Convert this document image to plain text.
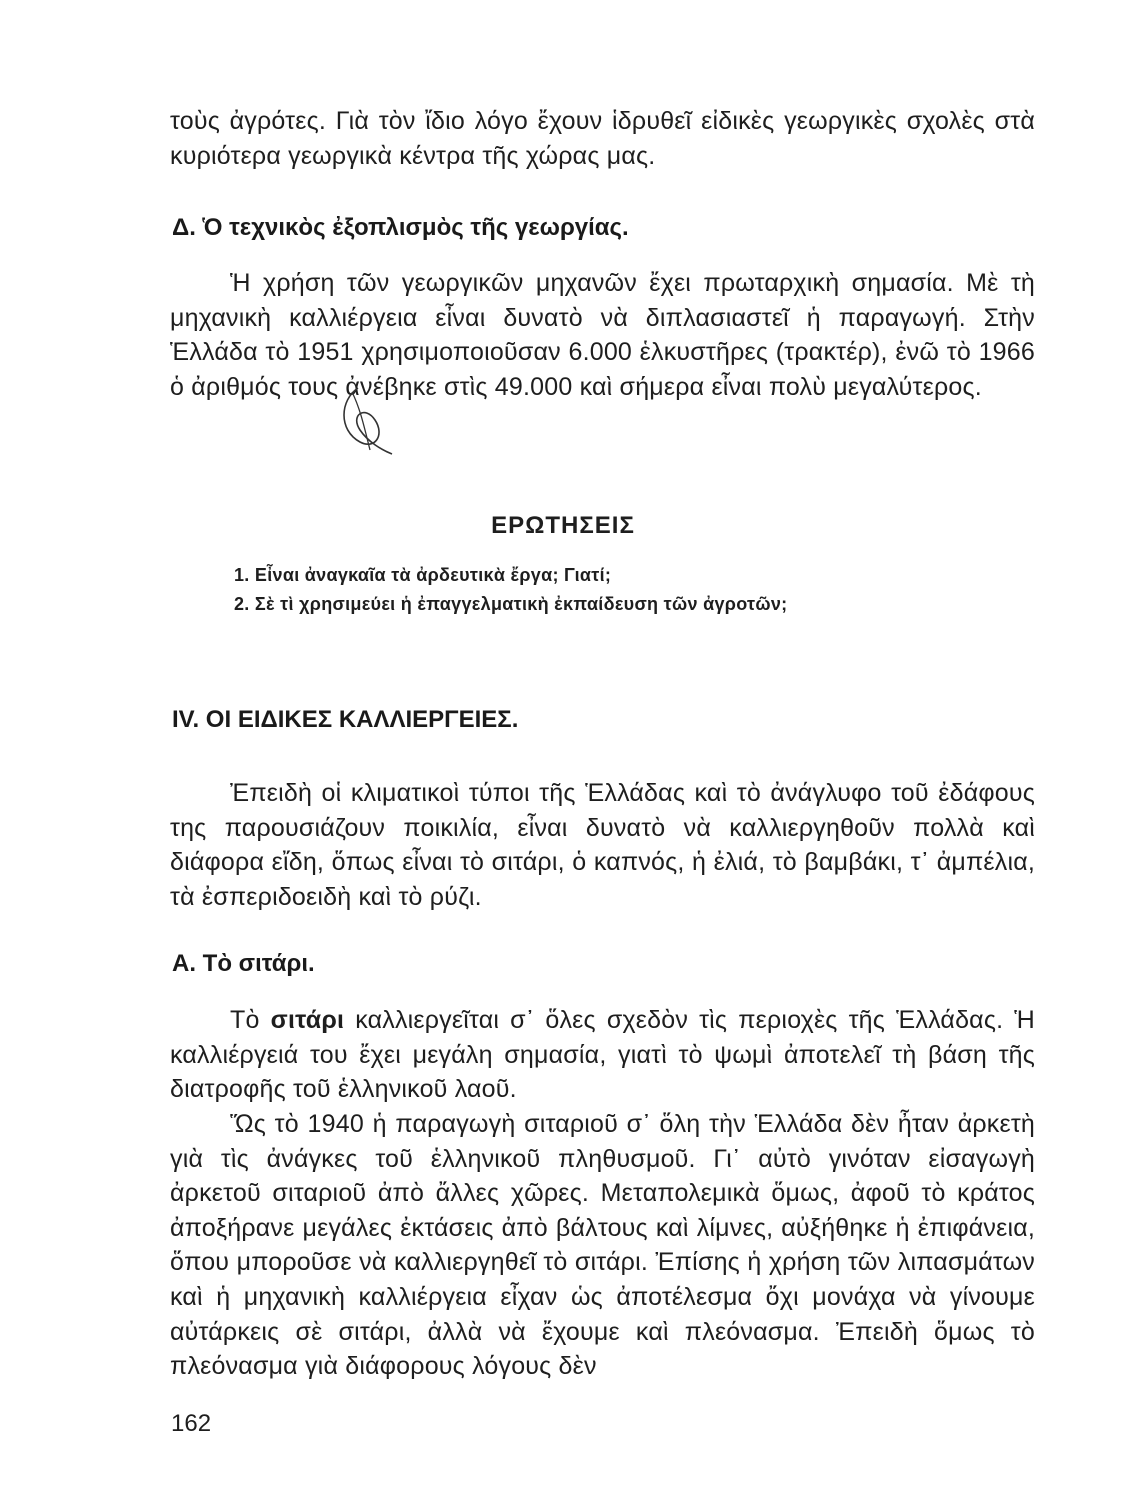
τοὺς ἀγρότες. Γιὰ τὸν ἴδιο λόγο ἔχουν ἱδρυθεῖ εἰδικὲς γεωργικὲς σχολὲς στὰ κυριότερα γεωργικὰ κέντρα τῆς χώρας μας.
Δ. Ὁ τεχνικὸς ἐξοπλισμὸς τῆς γεωργίας.
Ἡ χρήση τῶν γεωργικῶν μηχανῶν ἔχει πρωταρχικὴ σημασία. Μὲ τὴ μηχανικὴ καλλιέργεια εἶναι δυνατὸ νὰ διπλασιαστεῖ ἡ παραγωγή. Στὴν Ἑλλάδα τὸ 1951 χρησιμοποιοῦσαν 6.000 ἑλκυστῆρες (τρακτέρ), ἐνῶ τὸ 1966 ὁ ἀριθμός τους ἀνέβηκε στὶς 49.000 καὶ σήμερα εἶναι πολὺ μεγαλύτερος.
ΕΡΩΤΗΣΕΙΣ
1. Εἶναι ἀναγκαῖα τὰ ἀρδευτικὰ ἔργα; Γιατί;
2. Σὲ τὶ χρησιμεύει ἡ ἐπαγγελματικὴ ἐκπαίδευση τῶν ἀγροτῶν;
IV. ΟΙ ΕΙΔΙΚΕΣ ΚΑΛΛΙΕΡΓΕΙΕΣ.
Ἐπειδὴ οἱ κλιματικοὶ τύποι τῆς Ἑλλάδας καὶ τὸ ἀνάγλυφο τοῦ ἐδάφους της παρουσιάζουν ποικιλία, εἶναι δυνατὸ νὰ καλλιεργηθοῦν πολλὰ καὶ διάφορα εἴδη, ὅπως εἶναι τὸ σιτάρι, ὁ καπνός, ἡ ἐλιά, τὸ βαμβάκι, τ᾽ ἀμπέλια, τὰ ἐσπεριδοειδὴ καὶ τὸ ρύζι.
Α. Τὸ σιτάρι.
Τὸ σιτάρι καλλιεργεῖται σ᾽ ὅλες σχεδὸν τὶς περιοχὲς τῆς Ἑλλάδας. Ἡ καλλιέργειά του ἔχει μεγάλη σημασία, γιατὶ τὸ ψωμὶ ἀποτελεῖ τὴ βάση τῆς διατροφῆς τοῦ ἑλληνικοῦ λαοῦ.
Ὥς τὸ 1940 ἡ παραγωγὴ σιταριοῦ σ᾽ ὅλη τὴν Ἑλλάδα δὲν ἦταν ἀρκετὴ γιὰ τὶς ἀνάγκες τοῦ ἑλληνικοῦ πληθυσμοῦ. Γι᾽ αὐτὸ γινόταν εἰσαγωγὴ ἀρκετοῦ σιταριοῦ ἀπὸ ἄλλες χῶρες. Μεταπολεμικὰ ὅμως, ἀφοῦ τὸ κράτος ἀποξήρανε μεγάλες ἐκτάσεις ἀπὸ βάλτους καὶ λίμνες, αὐξήθηκε ἡ ἐπιφάνεια, ὅπου μποροῦσε νὰ καλλιεργηθεῖ τὸ σιτάρι. Ἐπίσης ἡ χρήση τῶν λιπασμάτων καὶ ἡ μηχανικὴ καλλιέργεια εἶχαν ὡς ἀποτέλεσμα ὄχι μονάχα νὰ γίνουμε αὐτάρκεις σὲ σιτάρι, ἀλλὰ νὰ ἔχουμε καὶ πλεόνασμα. Ἐπειδὴ ὅμως τὸ πλεόνασμα γιὰ διάφορους λόγους δὲν
162
